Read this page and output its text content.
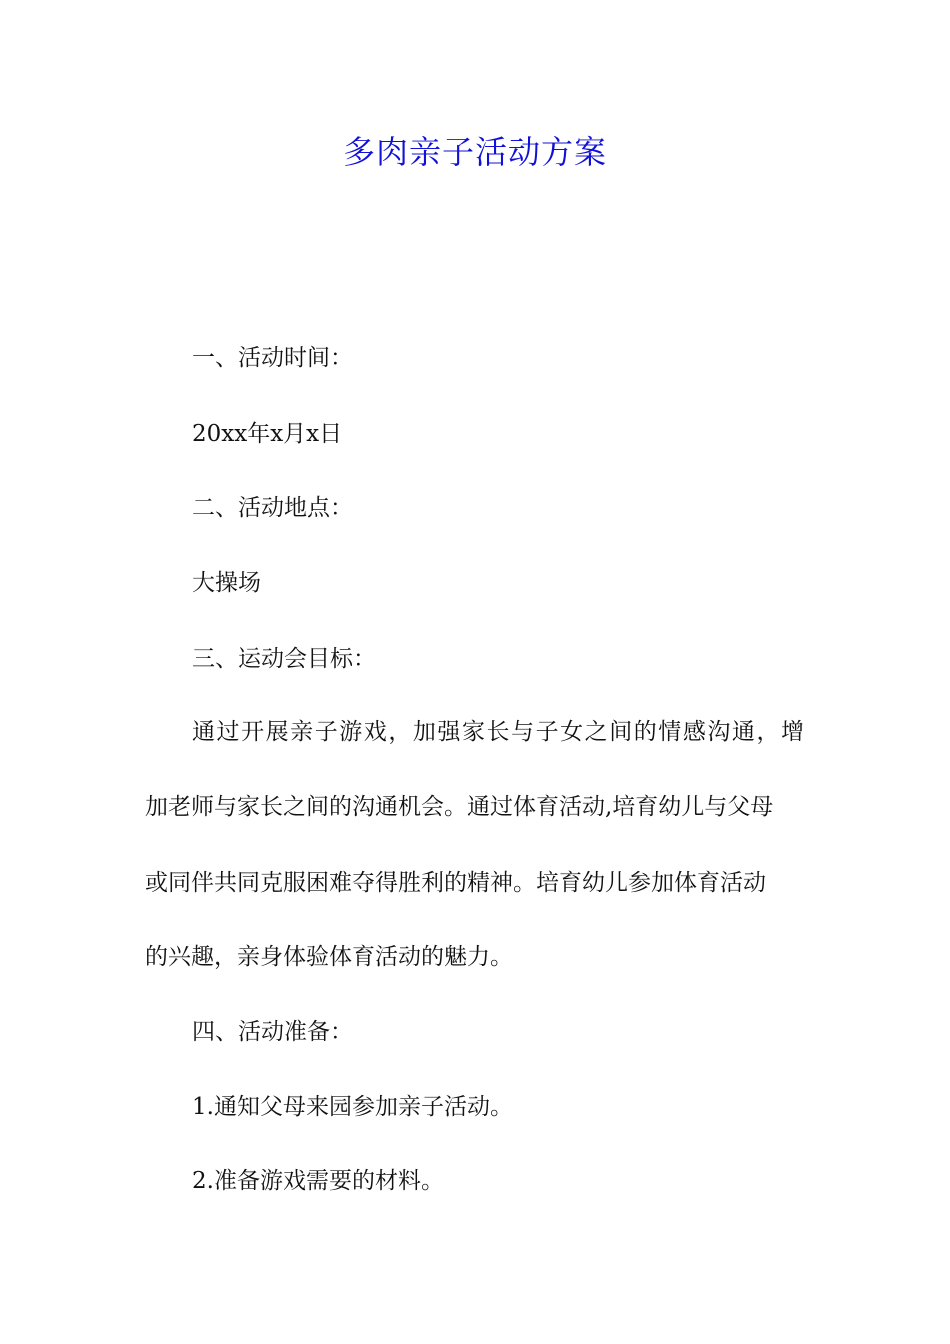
多肉亲子活动方案
一、活动时间：
20xx年x月x日
二、活动地点：
大操场
三、运动会目标：
通过开展亲子游戏，加强家长与子女之间的情感沟通，增
加老师与家长之间的沟通机会。通过体育活动,培育幼儿与父母
或同伴共同克服困难夺得胜利的精神。培育幼儿参加体育活动
的兴趣，亲身体验体育活动的魅力。
四、活动准备：
1.通知父母来园参加亲子活动。
2.准备游戏需要的材料。
